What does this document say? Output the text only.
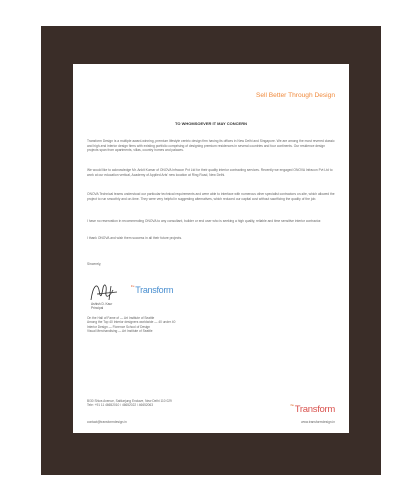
Sell Better Through Design
TO WHOMSOEVER IT MAY CONCERN
Transform Design is a multiple award-winning, premium lifestyle centric design firm having its offices in New Delhi and Singapore. We are among the most revered classic and high-end interior design firms with existing portfolio comprising of designing premium residences in several countries and four continents. Our residence design projects span from apartments, villas, country homes and palaces.
We would like to acknowledge Mr. Ankit Kumar of ONOVA Infracon Pvt Ltd for their quality interior contracting services. Recently we engaged ONOVA Infracon Pvt Ltd to work at our education vertical, Academy of Applied Arts' new location at Ring Road, New Delhi.
ONOVA Technical teams understood our particular technical requirements and were able to interface with numerous other specialist contractors on-site, which allowed the project to run smoothly and on-time. They were very helpful in suggesting alternatives, which reduced our capital cost without sacrificing the quality of the job.
I have no reservation in recommending ONOVA to any consultant, builder or end user who is seeking a high quality, reliable and time sensitive interior contractor.
I thank ONOVA and wish them success in all their future projects.
Sincerely,
Ashish D. Kaur
Principal
$^{the}$Transform
On the Hall of Fame of — Art Institute of Seattle
Among the Top 40 Interior designers worldwide — 40 under 40
Interior Design — Florence School of Design
Visual Merchandising — Art Institute of Seattle
B/30 Shiva Avenue, Safdarjung Enclave, New Delhi 110 029
Tele: +91 11 46652010 / 46652022 / 46652063	$^{the}$Transform
contact@transformdesign.in	www.transformdesign.in
